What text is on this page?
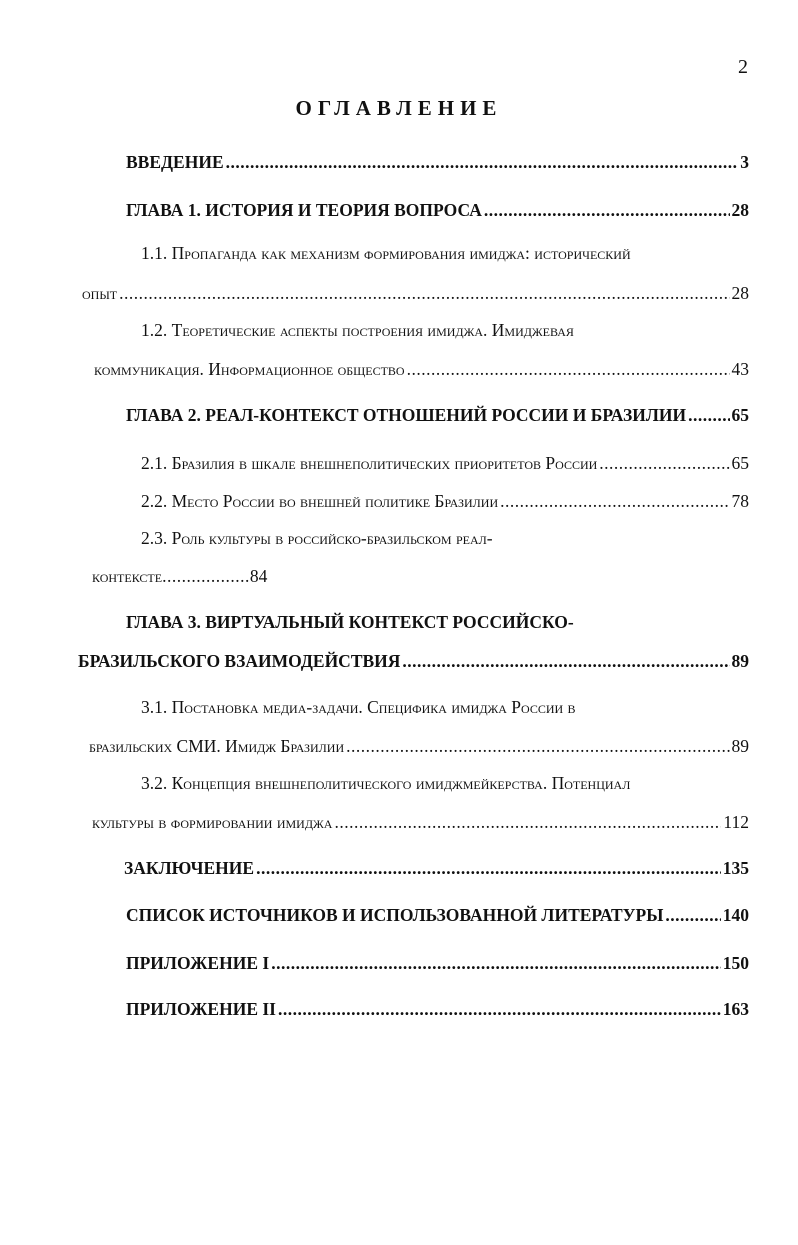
2
ОГЛАВЛЕНИЕ
ВВЕДЕНИЕ .....	3
ГЛАВА 1. ИСТОРИЯ И ТЕОРИЯ ВОПРОСА .....	28
1.1. Пропаганда как механизм формирования имиджа: исторический
опыт .....	28
1.2. Теоретические аспекты построения имиджа. Имиджевая
коммуникация. Информационное общество .....	43
ГЛАВА 2. РЕАЛ-КОНТЕКСТ ОТНОШЕНИЙ РОССИИ И БРАЗИЛИИ .....	65
2.1. Бразилия в шкале внешнеполитических приоритетов России .....	65
2.2. Место России во внешней политике Бразилии .....	78
2.3. Роль культуры в российско-бразильском реал-
контексте .................. 84
ГЛАВА 3. ВИРТУАЛЬНЫЙ КОНТЕКСТ РОССИЙСКО-
БРАЗИЛЬСКОГО ВЗАИМОДЕЙСТВИЯ .....	89
3.1. Постановка медиа-задачи. Специфика имиджа России в
бразильских СМИ. Имидж Бразилии .....	89
3.2. Концепция внешнеполитического имиджмейкерства. Потенциал
культуры в формировании имиджа .....	112
ЗАКЛЮЧЕНИЕ .....	135
СПИСОК ИСТОЧНИКОВ И ИСПОЛЬЗОВАННОЙ ЛИТЕРАТУРЫ .....	140
ПРИЛОЖЕНИЕ I .....	150
ПРИЛОЖЕНИЕ II .....	163
